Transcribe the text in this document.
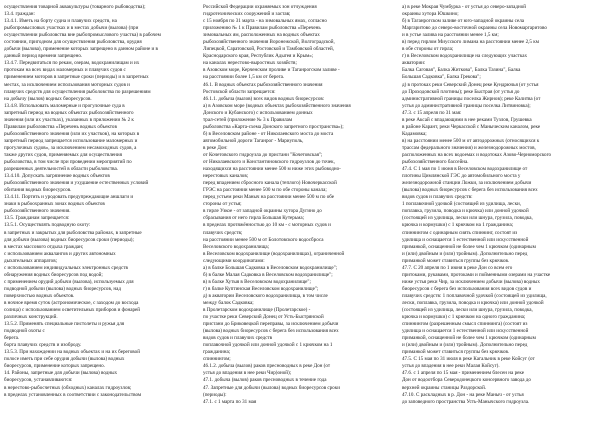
осуществления товарной аквакультуры (товарного рыбоводства);
13.4. граждан:
13.4.1. Иметь на борту судна и плавучих средств, на
рыбопромысловых участках и в местах добычи (вылова) (при
осуществлении рыболовства вне рыбопромыслового участка) в рабочем
состоянии, пригодном для осуществления рыболовства, орудия
добычи (вылова), применение которых запрещено в данном районе и в
данный период времени запрещено.
13.4.7. Передвигаться по рекам, озерам, водохранилищам и их
протокам на всех видах маломерных и плавучих судов с
применением моторов в запретные сроки (периоды) и в запретных
местах, за исключением использования моторных судов и
плавучих средств для осуществления рыболовства по разрешениям
на добычу (вылов) водных биоресурсов.
13.4.8. Использовать маломерные и прогулочные суда в
запретный период на водных объектах рыбохозяйственного
значения (или их участках), указанных в приложении № 2 к
Правилам рыболовства «Перечень водных объектов
рыбохозяйственного значения (или их участков), на которых в
запретный период запрещается использование маломерных и
прогулочных судов», за исключением несамоходных судов, а
также других судов, применяемых для осуществления
рыболовства, в том числе при проведении мероприятий по
разрешенных деятельностей в области рыболовства.
13.4.10. Допускать загрязнение водных объектов
рыбохозяйственного значения и ухудшение естественных условий
обитания водных биоресурсов.
13.4.11. Портить и уродовать предупреждающие аншлаги и
знаки в рыбоохранных зонах водных объектов
рыбохозяйственного значения.
13.5. Гражданам запрещается:
13.5.1. Осуществлять подводную охоту:
в запретных и закрытых для рыболовства районах, в запретные
для добычи (вылова) водных биоресурсов сроки (периоды);
в местах массового отдыха граждан;
с использованием аквалангов и других автономных
дыхательных аппаратов;
с использованием индивидуальных электронных средств
обнаружения водных биоресурсов под водой;
с применением орудий добычи (вылова), используемых для
подводной добычи (вылова) водных биоресурсов, над
поверхностью водных объектов.
в ночное время суток (астрономическое, с заходом до восхода
солнца) с использованием осветительных приборов и фонарей
различных конструкций.
13.5.2. Применять специальные пистолеты и ружья для
подводной охоты с
берега.
борта плавучих средств и изоброду.
13.5.3. При нахождении на водных объектах и на их береговой
полосе иметь при себе орудия добычи (вылова) водных
биоресурсов, применение которых запрещено.
14. Районы, запретные для добычи (вылова) водных
биоресурсов, устанавливаются:
в нерестово-рыбосчетных (обходных) каналах гидроузлов;
в пределах установленных в соответствии с законодательством
Российской Федерации охраняемых зон отчуждения
гидротехнических сооружений и застав;
с 15 ноября по 31 марта - на зимовальных ямах, согласно
приложению № 1 к Правилам рыболовства «Перечень
зимовальных ям, расположенных на водных объектах
рыбохозяйственного значения Воронежской, Волгоградской,
Липецкой, Саратовской, Ростовской и Тамбовской областей,
Краснодарского края, Республик Адыгея и Крым»;
на каналах нерестово-выростных хозяйств;
в Азовском море, Керченском проливе и Таганрогском заливе -
на расстоянии более 1,5 км от берега.
46.1. В водных объектах рыбохозяйственного значения
Ростовской области запрещается:
46.1.1. добыча (вылов) всех видов водных биоресурсов:
а) в Азовском море (водных объектах рыбохозяйственного значения
Донского и Кубанского) с использованием донных
трал-сетей (приложение № 3 к Правилам
рыболовства «Карта-схема Донского запретного пространства»);
б) в Веселовском районе - от Николаевского моста до моста
автомобильной дороги Таганрог - Мариуполь,
в реке Дон:
от Кочетовского гидроузла до пристани "Кочетовская";
от Николаевского и Константиновского гидроузлов до точек,
находящихся на расстоянии менее 500 м ниже этих рыбоводно-
нерестовых каналов;
перед впадением сбросного канала (теплого) Новочеркасской
ГРЭС на расстоянии менее 500 м по обе стороны канала;
перед устьем реки Маныч на расстоянии менее 500 м по обе
стороны от устья;
в гирле Узкое - от западной окраины хутора Дугино до
сбрасывания от него гирла Большая Кутерьма;
в пределах протяжённостью до 10 км - с моторных судов и
плавучих средств;
на расстоянии менее 500 м от Болотовского водосброса
Веселовского водохранилища;
в Веселовском водохранилище (водохранилищах), ограниченной
следующими координатами:
а) в балке Большая Садковка в Веселовском водохранилище";
б) в балке Малая Садковка в Веселовском водохранилище";
в) в балке Хутыя в Веселовском водохранилище";
г) в балке Куптинская Веселовском водохранилище";
д) в акватории Веселовского водохранилища, в том числе
между балок Садковка;
в Пролетарском водохранилище (Пролетарское) -
по участке реки Северский Донец от Усть-Быстрянской
пристани до Бриковецкой переправы, за исключением добычи
(вылова) водных биоресурсов с берега без использования всех
видов судов и плавучих средств
поплавочной удочкой или донной удочкой с 1 крючком на 1
гражданина;
спиннингом;
46.1.2. добыча (вылов) раков пресноводных в реке Дон (от
устья до впадения в нее реки Чир)оной);
47.1. добыча (вылов) раков пресноводных в течение года
47. Запретные для добычи (вылова) водных биоресурсов сроки
(периоды):
47.1. с 1 марта по 31 мая
а) в реке Мокрая Чумбурка - от устья до северо-западной
окраины хутора Юшкино;
б) в Таганрогском заливе от юго-западной окраины села
Маргаритово до северо-восточной окраины села Новомаргаритово
и в устье залива на расстоянии менее 1,5 км;
в) перед гирлом Миусского лимана на расстоянии менее 2,5 км
в обе стороны от гирла;
г) в Веселовском водохранилище на следующих участках
акватории:
Балка Саговая", Балка Житкова", Балка Тазина", Балка
Большая Садковка", Балка Грекова";
д) в протоках реки Северский Донец реке Кундрючья (от устья
до Проходовской плотины); реке Быстрая (от устья до
административной границы поселка Жирнов); реке Калитва (от
устья до административной границы поселка Литвиновка);
47.3. с 15 апреля по 31 мая:
в реке Аксай с впадающими в нее реками Тузлов, Грушевка
в районе Карант, реки Черкасской с Маныческим каналом, реке
Кадамовка;
в) на расстоянии менее 500 м от автодорожных (относящихся к
трассам федерального значения) и железнодорожных мостов,
расположенных на всех водоемах и водотоках Азово-Черноморского
рыбохозяйственного бассейна.
47.4. С 1 мая по 1 июня в Веселовском водохранилище от
плотины Цимлянской ГЭС до автомобильного моста у
железнодорожной станции Ложки, за исключением добычи
(вылова) водных биоресурсов с берега без использования всех
видов судов и плавучих средств:
1 поплавочной удочкой (состоящей из удилища, лески,
поплавка, грузила, поводка и крючка) или донной удочкой
(состоящей из удилища, лески или шнура, грузила, поводка,
крючка и кормушки) с 1 крючком на 1 гражданина;
спиннингом с одинарным сиять спиннинг, состоят из
удилища и оснащается 1 естественной или искусственной
приманкой, оснащенной не более чем 1 крючком (одинарным
и (или) двойным и (или) тройным). Дополнительно перед
приманкой может ставиться группы без крючков.
47.7. С 20 апреля по 1 июня в реке Дон со всем его
притоками, рукавами, протоками и пойменными озерами на участке
ниже устья реки Чир, за исключением добычи (вылова) водных
биоресурсов с берега без использования всех видов судов и
плавучих средств: 1 поплавочной удочкой (состоящей из удилища,
лески, поплавка, грузила, поводка и крючка) или донной удочкой
(состоящей из удилища, лески или шнура, грузила, поводка,
крючка и кормушки) с 1 крючком на одного гражданина;
спиннингом (разрешенным смысл спиннинга) (состоят из
удилища и оснащается 1 естественной или искусственной
приманкой, оснащенной не более чем 1 крючком (одинарным
и (или) двойным и (или) тройным). Дополнительно перед
приманкой может ставиться группы без крючков.
47.5. С 15 мая по 31 июля в реке Кагальник в реке Койсуг (от
устья до впадения в нее реки Малая Койсуг).
47.6. с 1 апреля по 15 мая - применением блесен на реке
Дон от водоотбора Северодонецкого консервного завода до
верхней окраины станицы Раздорской.
47.10. С раскладных в р. Дон - на реке Маныч - от устья
до заповедного пространства Усть-Манычского гидроузла.
